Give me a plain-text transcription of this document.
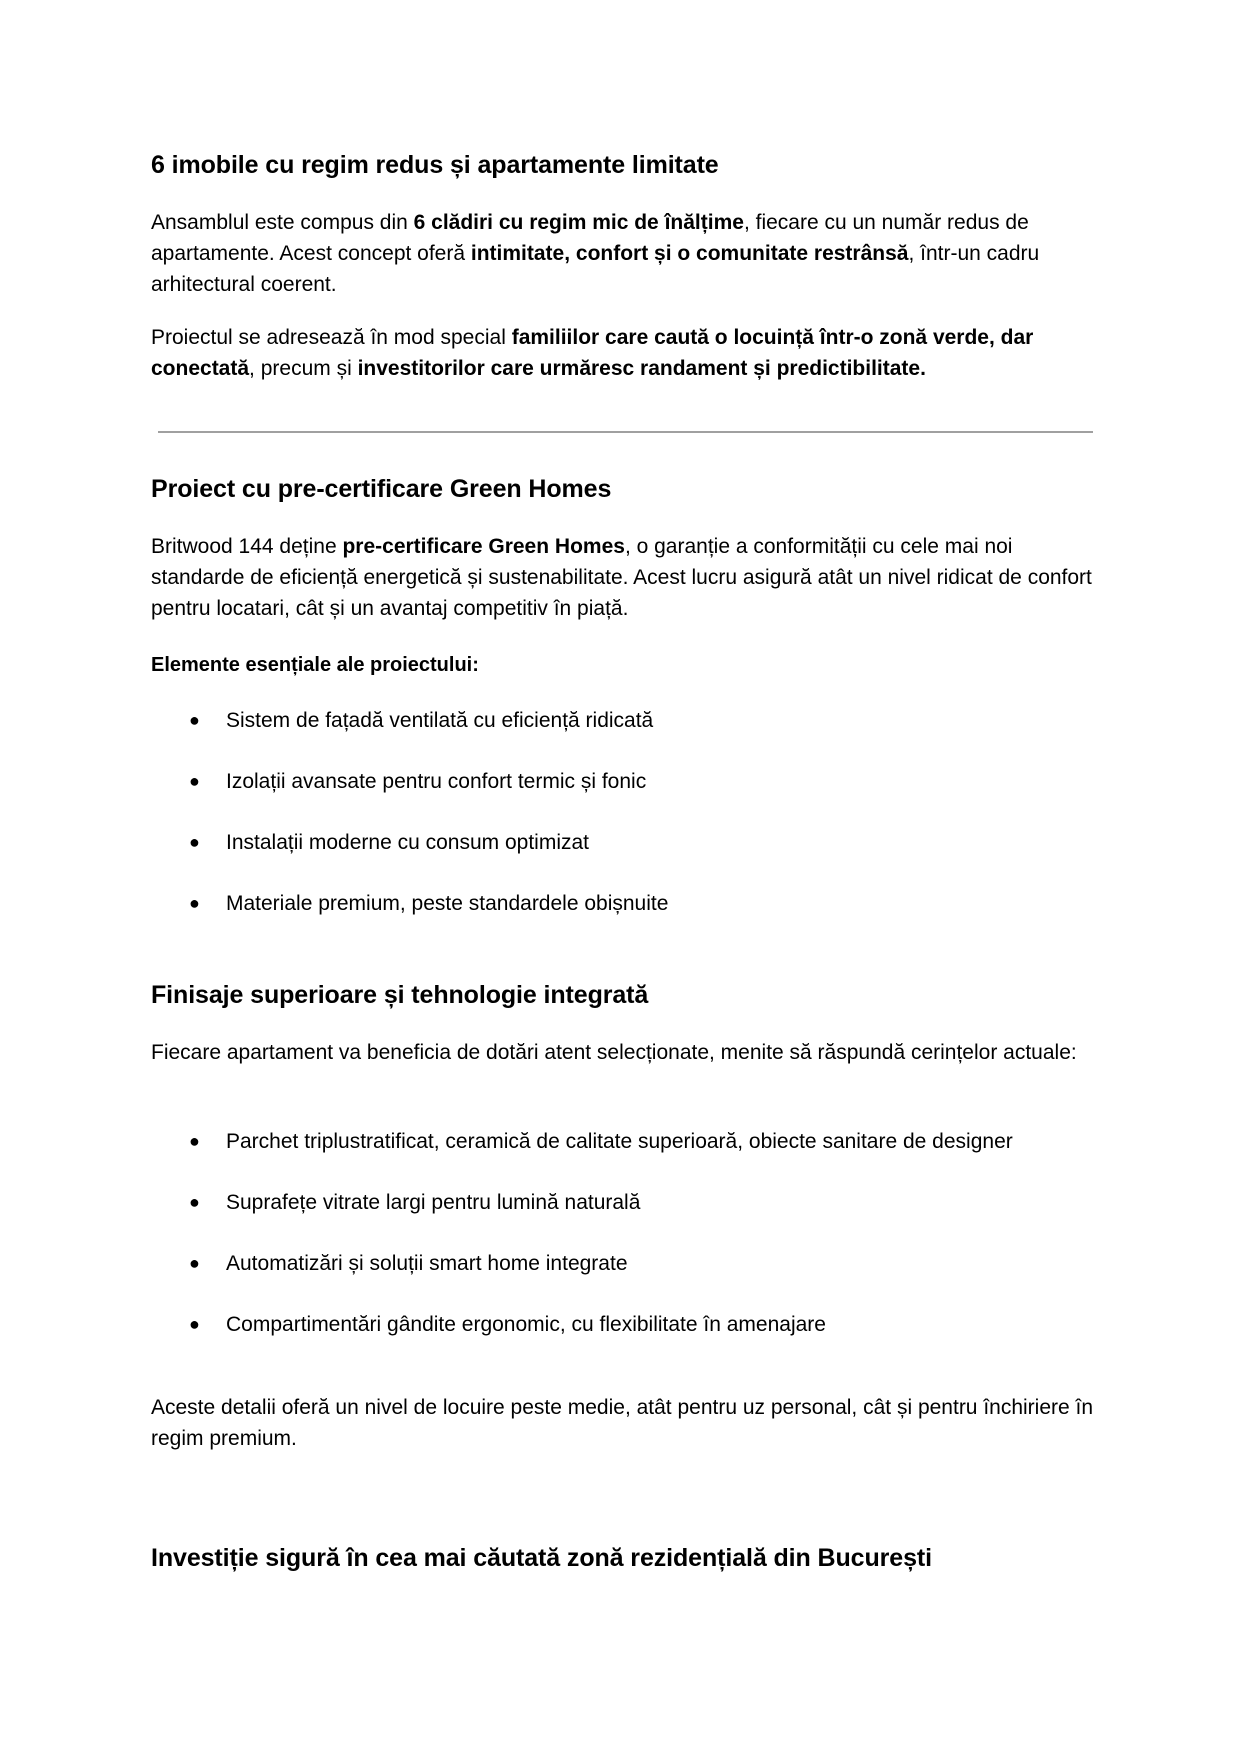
6 imobile cu regim redus și apartamente limitate

Ansamblul este compus din 6 clădiri cu regim mic de înălțime, fiecare cu un număr redus de apartamente. Acest concept oferă intimitate, confort și o comunitate restrânsă, într-un cadru arhitectural coerent.

Proiectul se adresează în mod special familiilor care caută o locuință într-o zonă verde, dar conectată, precum și investitorilor care urmăresc randament și predictibilitate.

Proiect cu pre-certificare Green Homes

Britwood 144 deține pre-certificare Green Homes, o garanție a conformității cu cele mai noi standarde de eficiență energetică și sustenabilitate. Acest lucru asigură atât un nivel ridicat de confort pentru locatari, cât și un avantaj competitiv în piață.

Elemente esențiale ale proiectului:
● Sistem de fațadă ventilată cu eficiență ridicată
● Izolații avansate pentru confort termic și fonic
● Instalații moderne cu consum optimizat
● Materiale premium, peste standardele obișnuite
Finisaje superioare și tehnologie integrată

Fiecare apartament va beneficia de dotări atent selecționate, menite să răspundă cerințelor actuale:

● Parchet triplustratificat, ceramică de calitate superioară, obiecte sanitare de designer
● Suprafețe vitrate largi pentru lumină naturală
● Automatizări și soluții smart home integrate
● Compartimentări gândite ergonomic, cu flexibilitate în amenajare

Aceste detalii oferă un nivel de locuire peste medie, atât pentru uz personal, cât și pentru închiriere în regim premium.

Investiție sigură în cea mai căutată zonă rezidențială din București
